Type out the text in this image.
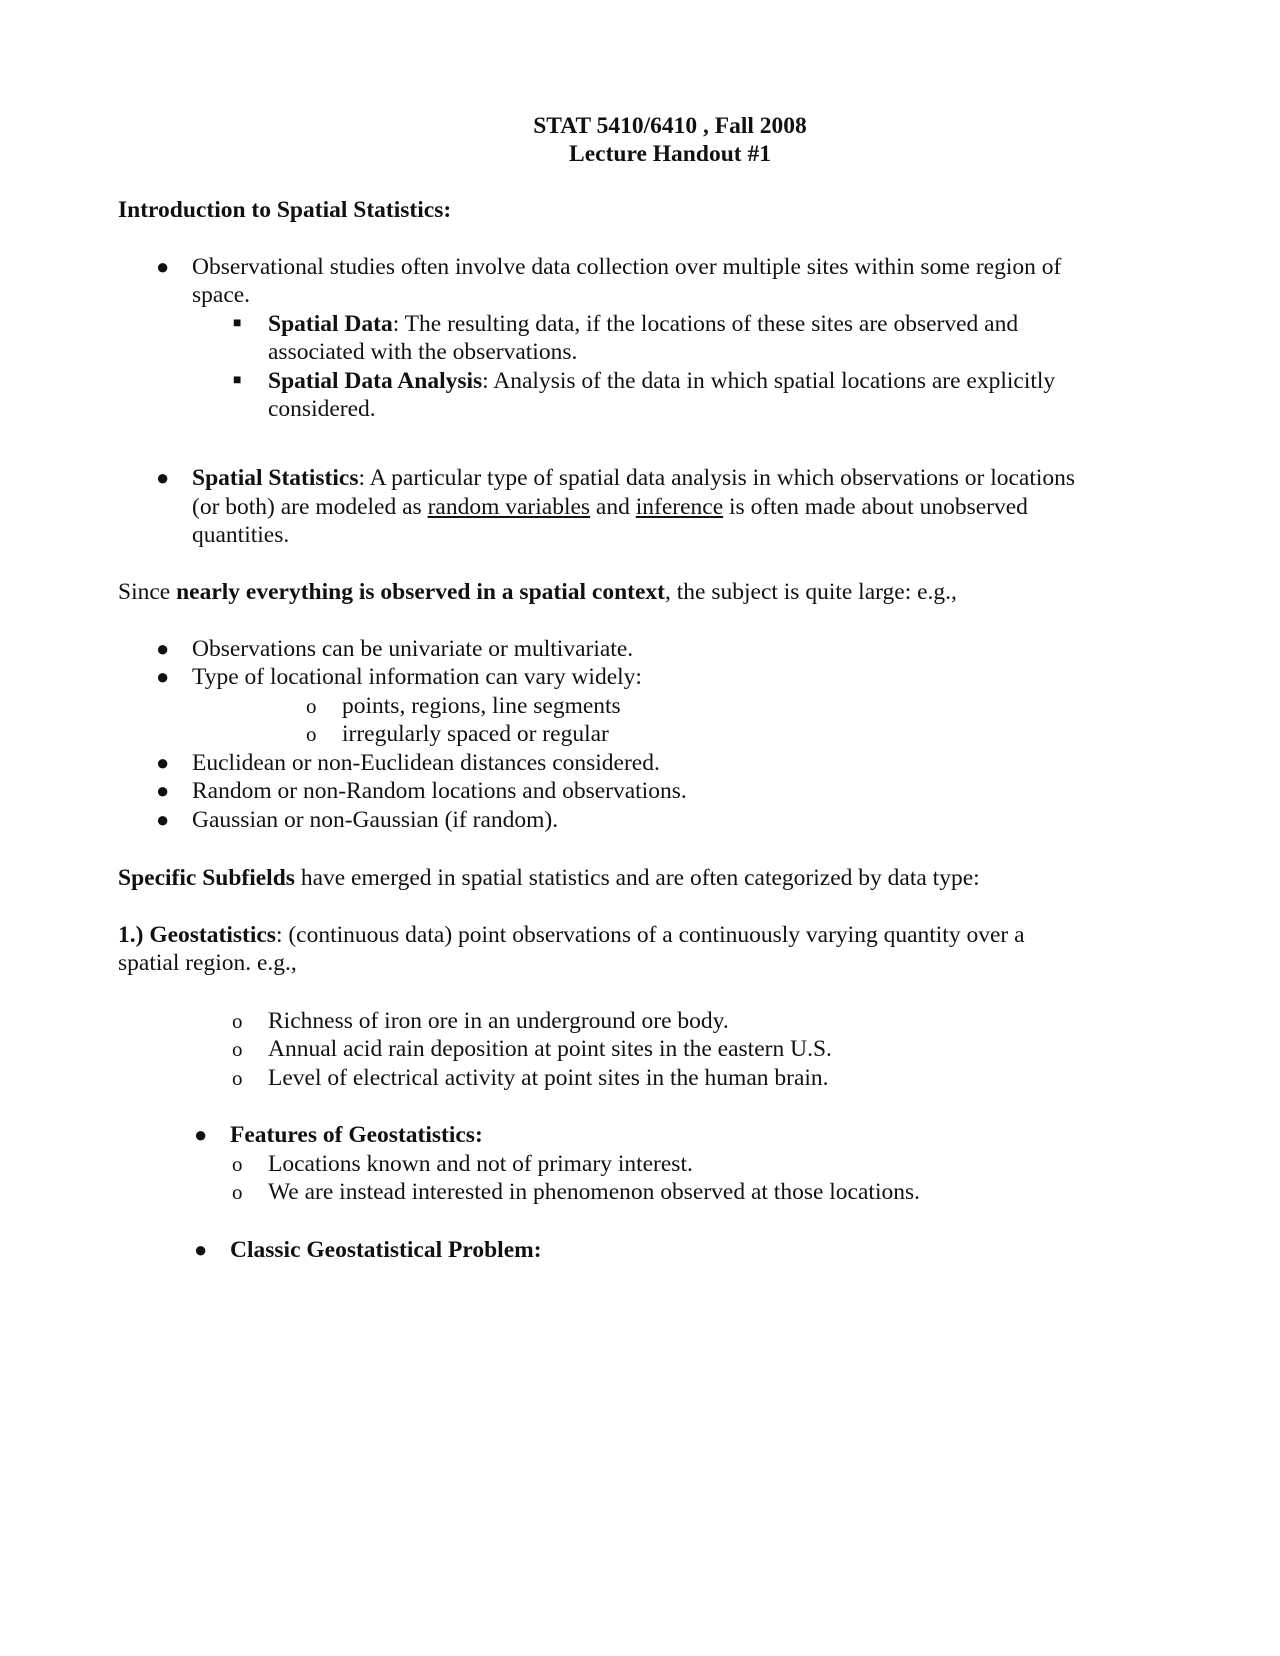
STAT 5410/6410 , Fall 2008
Lecture Handout #1
Introduction to Spatial Statistics:
● Observational studies often involve data collection over multiple sites within some region of
space.
■ Spatial Data: The resulting data, if the locations of these sites are observed and
associated with the observations.
■ Spatial Data Analysis: Analysis of the data in which spatial locations are explicitly
considered.
● Spatial Statistics: A particular type of spatial data analysis in which observations or locations
(or both) are modeled as random variables and inference is often made about unobserved
quantities.
Since nearly everything is observed in a spatial context, the subject is quite large: e.g.,
● Observations can be univariate or multivariate.
● Type of locational information can vary widely:
o points, regions, line segments
o irregularly spaced or regular
● Euclidean or non-Euclidean distances considered.
● Random or non-Random locations and observations.
● Gaussian or non-Gaussian (if random).
Specific Subfields have emerged in spatial statistics and are often categorized by data type:
1.) Geostatistics: (continuous data) point observations of a continuously varying quantity over a
spatial region. e.g.,
o Richness of iron ore in an underground ore body.
o Annual acid rain deposition at point sites in the eastern U.S.
o Level of electrical activity at point sites in the human brain.
● Features of Geostatistics:
o Locations known and not of primary interest.
o We are instead interested in phenomenon observed at those locations.
● Classic Geostatistical Problem:
